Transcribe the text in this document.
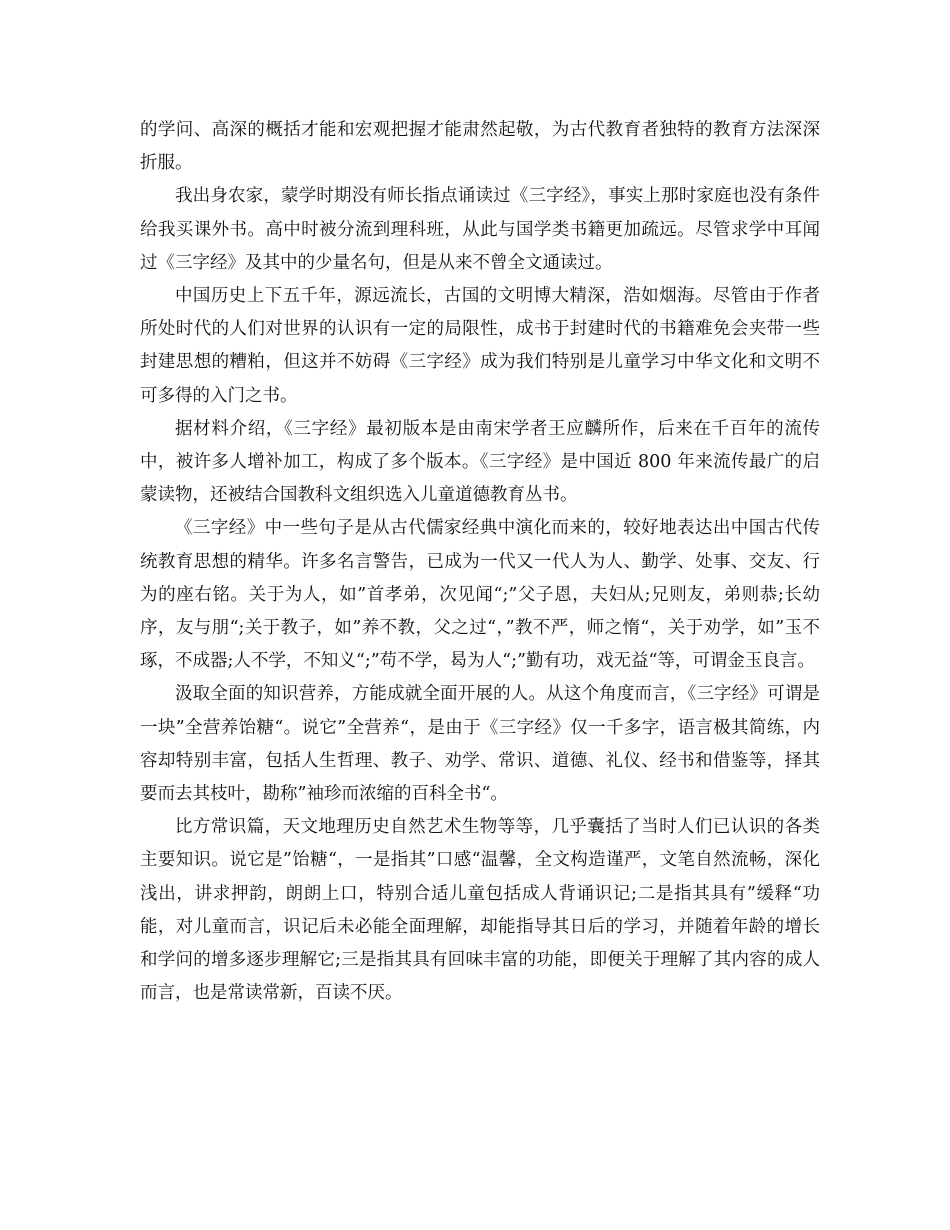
的学问、高深的概括才能和宏观把握才能肃然起敬，为古代教育者独特的教育方法深深折服。

我出身农家，蒙学时期没有师长指点诵读过《三字经》，事实上那时家庭也没有条件给我买课外书。高中时被分流到理科班，从此与国学类书籍更加疏远。尽管求学中耳闻过《三字经》及其中的少量名句，但是从来不曾全文通读过。

中国历史上下五千年，源远流长，古国的文明博大精深，浩如烟海。尽管由于作者所处时代的人们对世界的认识有一定的局限性，成书于封建时代的书籍难免会夹带一些封建思想的糟粕，但这并不妨碍《三字经》成为我们特别是儿童学习中华文化和文明不可多得的入门之书。

据材料介绍，《三字经》最初版本是由南宋学者王应麟所作，后来在千百年的流传中，被许多人增补加工，构成了多个版本。《三字经》是中国近 800 年来流传最广的启蒙读物，还被结合国教科文组织选入儿童道德教育丛书。

《三字经》中一些句子是从古代儒家经典中演化而来的，较好地表达出中国古代传统教育思想的精华。许多名言警告，已成为一代又一代人为人、勤学、处事、交友、行为的座右铭。关于为人，如”首孝弟，次见闻“;”父子恩，夫妇从;兄则友，弟则恭;长幼序，友与朋“;关于教子，如”养不教，父之过“，”教不严，师之惰“，关于劝学，如”玉不琢，不成器;人不学，不知义“;”苟不学，曷为人“;”勤有功，戏无益“等，可谓金玉良言。

汲取全面的知识营养，方能成就全面开展的人。从这个角度而言，《三字经》可谓是一块”全营养饴糖“。说它”全营养“，是由于《三字经》仅一千多字，语言极其简练，内容却特别丰富，包括人生哲理、教子、劝学、常识、道德、礼仪、经书和借鉴等，择其要而去其枝叶，勘称”袖珍而浓缩的百科全书“。

比方常识篇，天文地理历史自然艺术生物等等，几乎囊括了当时人们已认识的各类主要知识。说它是”饴糖“，一是指其”口感“温馨，全文构造谨严，文笔自然流畅，深化浅出，讲求押韵，朗朗上口，特别合适儿童包括成人背诵识记;二是指其具有”缓释“功能，对儿童而言，识记后未必能全面理解，却能指导其日后的学习，并随着年龄的增长和学问的增多逐步理解它;三是指其具有回味丰富的功能，即便关于理解了其内容的成人而言，也是常读常新，百读不厌。
